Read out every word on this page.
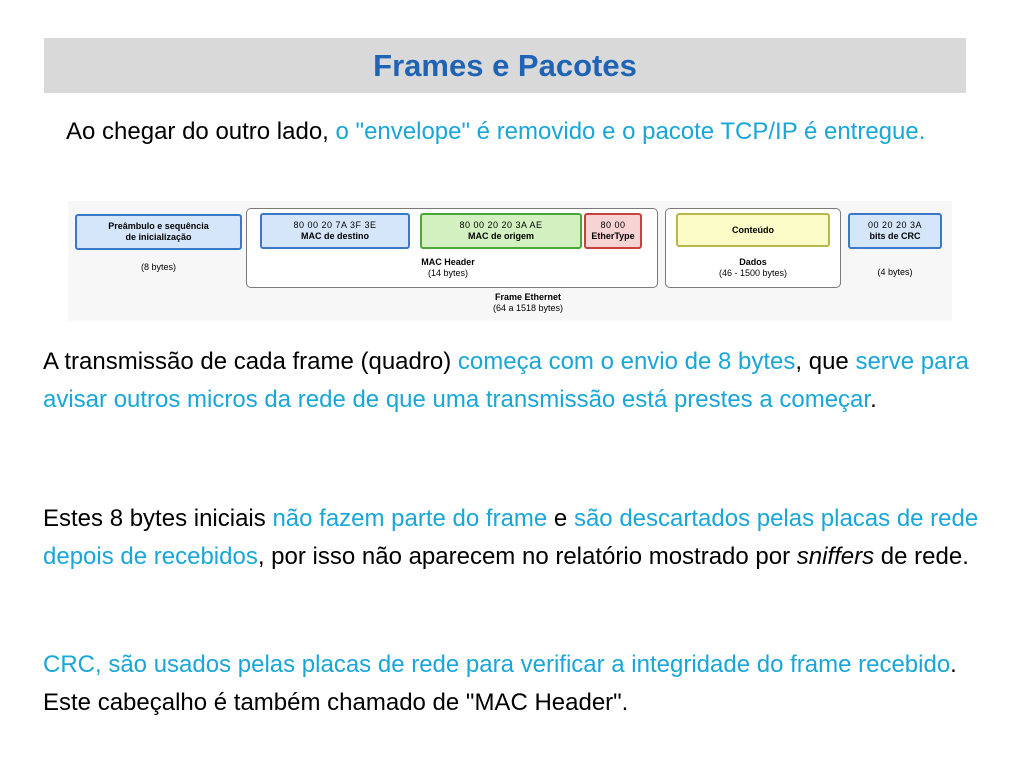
Frames e Pacotes

Ao chegar do outro lado, o "envelope" é removido e o pacote TCP/IP é entregue.

Preâmbulo e sequência
de inicialização
(8 bytes)
80 00 20 7A 3F 3E
MAC de destino
80 00 20 20 3A AE
MAC de origem
80 00
EtherType
MAC Header
(14 bytes)
Conteúdo
Dados
(46 - 1500 bytes)
00 20 20 3A
bits de CRC
(4 bytes)
Frame Ethernet
(64 a 1518 bytes)

A transmissão de cada frame (quadro) começa com o envio de 8 bytes, que serve para avisar outros micros da rede de que uma transmissão está prestes a começar.

Estes 8 bytes iniciais não fazem parte do frame e são descartados pelas placas de rede depois de recebidos, por isso não aparecem no relatório mostrado por sniffers de rede.

CRC, são usados pelas placas de rede para verificar a integridade do frame recebido. Este cabeçalho é também chamado de "MAC Header".
